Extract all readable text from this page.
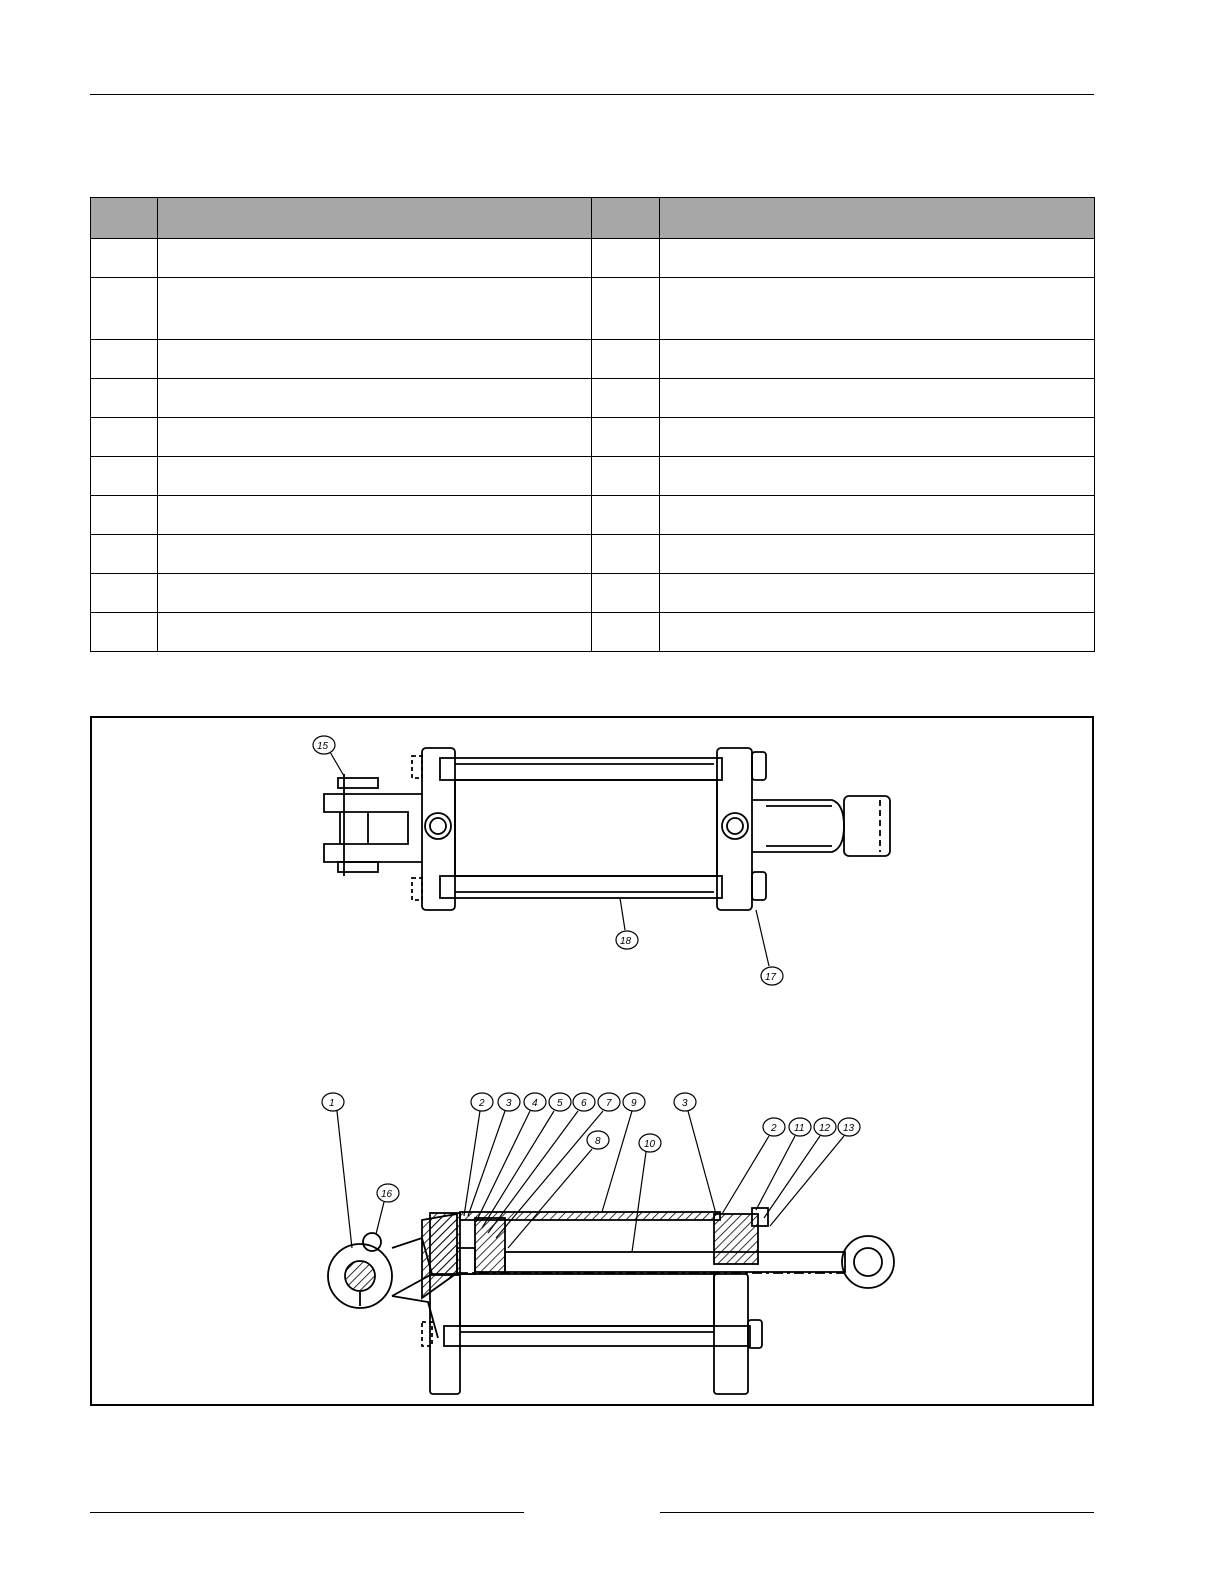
15
18
17
1
16
2 3 4 5 6 7 9
8	10
3
2 11 12 13
